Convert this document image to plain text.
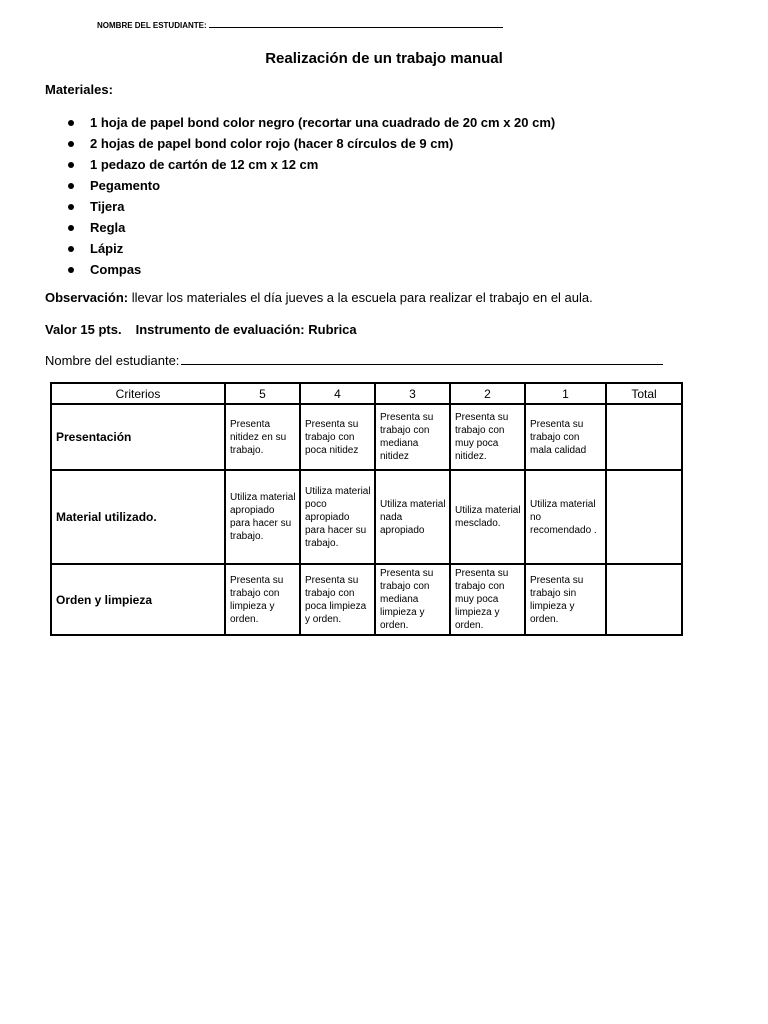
NOMBRE DEL ESTUDIANTE:
Realización de un trabajo manual
Materiales:
1 hoja de papel bond color negro (recortar una cuadrado de 20 cm x 20 cm)
2 hojas de papel bond color rojo (hacer 8 círculos de 9 cm)
1 pedazo de cartón de 12 cm x 12 cm
Pegamento
Tijera
Regla
Lápiz
Compas
Observación: llevar los materiales el día jueves a la escuela para realizar el trabajo en el aula.
Valor 15 pts. Instrumento de evaluación: Rubrica
Nombre del estudiante:
Criterios	5	4	3	2	1	Total
Presentación	Presenta nitidez en su trabajo.	Presenta su trabajo con poca nitidez	Presenta su trabajo con mediana nitidez	Presenta su trabajo con muy poca nitidez.	Presenta su trabajo con mala calidad	
Material utilizado.	Utiliza material apropiado para hacer su trabajo.	Utiliza material poco apropiado para hacer su trabajo.	Utiliza material nada apropiado	Utiliza material mesclado.	Utiliza material no recomendado .	
Orden y limpieza	Presenta su trabajo con limpieza y orden.	Presenta su trabajo con poca limpieza y orden.	Presenta su trabajo con mediana limpieza y orden.	Presenta su trabajo con muy poca limpieza y orden.	Presenta su trabajo sin limpieza y orden.	
